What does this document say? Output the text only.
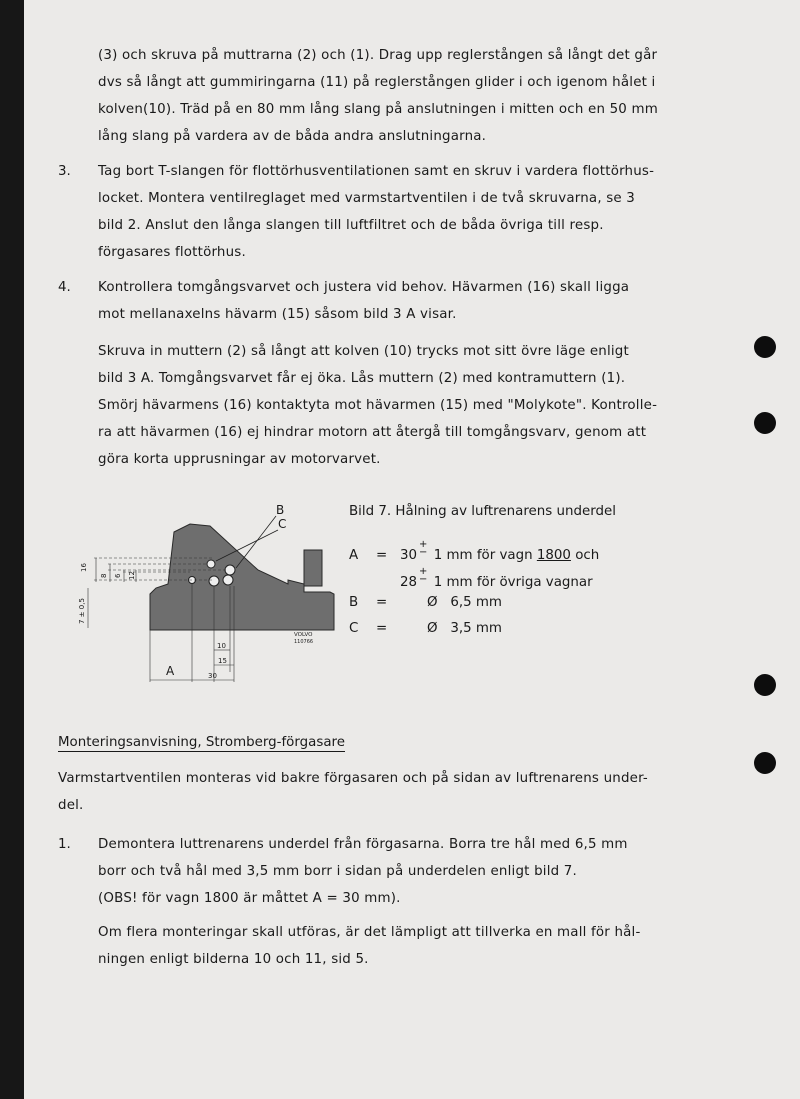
(3) och skruva på muttrarna (2) och (1). Drag upp reglerstången så långt det går
dvs så långt att gummiringarna (11) på reglerstången glider i och igenom hålet i
kolven(10). Träd på en 80 mm lång slang på anslutningen i mitten och en 50 mm
lång slang på vardera av de båda andra anslutningarna.
3. Tag bort T-slangen för flottörhusventilationen samt en skruv i vardera flottörhus-
locket. Montera ventilreglaget med varmstartventilen i de två skruvarna, se 3
bild 2. Anslut den långa slangen till luftfiltret och de båda övriga till resp.
förgasares flottörhus.
4. Kontrollera tomgångsvarvet och justera vid behov. Hävarmen (16) skall ligga
mot mellanaxelns hävarm (15) såsom bild 3 A visar.
Skruva in muttern (2) så långt att kolven (10) trycks mot sitt övre läge enligt
bild 3 A. Tomgångsvarvet får ej öka. Lås muttern (2) med kontramuttern (1).
Smörj hävarmens (16) kontaktyta mot hävarmen (15) med "Molykote". Kontrolle-
ra att hävarmen (16) ej hindrar motorn att återgå till tomgångsvarv, genom att
göra korta upprusningar av motorvarvet.
B
C
16
8 6 12
7 ± 0,5
10
15
30
A
VOLVO
110766
Bild 7. Hålning av luftrenarens underdel
A = 30+
− 1 mm för vagn 1800 och
28+
− 1 mm för övriga vagnar
B =	Ø   6,5 mm
C =	Ø   3,5 mm
Monteringsanvisning, Stromberg-förgasare
Varmstartventilen monteras vid bakre förgasaren och på sidan av luftrenarens under-
del.
1. Demontera luttrenarens underdel från förgasarna. Borra tre hål med 6,5 mm
borr och två hål med 3,5 mm borr i sidan på underdelen enligt bild 7.
(OBS! för vagn 1800 är måttet A = 30 mm).
Om flera monteringar skall utföras, är det lämpligt att tillverka en mall för hål-
ningen enligt bilderna 10 och 11, sid 5.
